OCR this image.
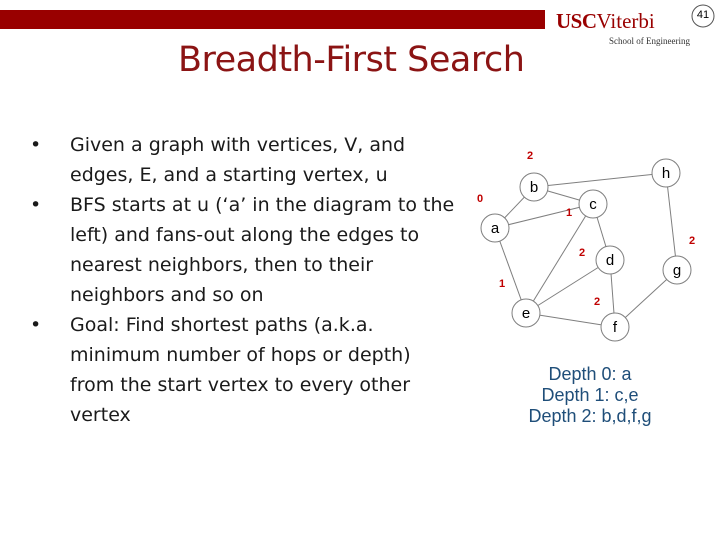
41
USCViterbi
School of Engineering
Breadth-First Search
• Given a graph with vertices, V, and edges, E, and a starting vertex, u
• BFS starts at u (‘a’ in the diagram to the left) and fans-out along the edges to nearest neighbors, then to their neighbors and so on
• Goal: Find shortest paths (a.k.a. minimum number of hops or depth) from the start vertex to every other vertex
a
0
b
2
c
1
d
2
e
1
f
2
g
2
h
Depth 0: a
Depth 1: c,e
Depth 2: b,d,f,g
